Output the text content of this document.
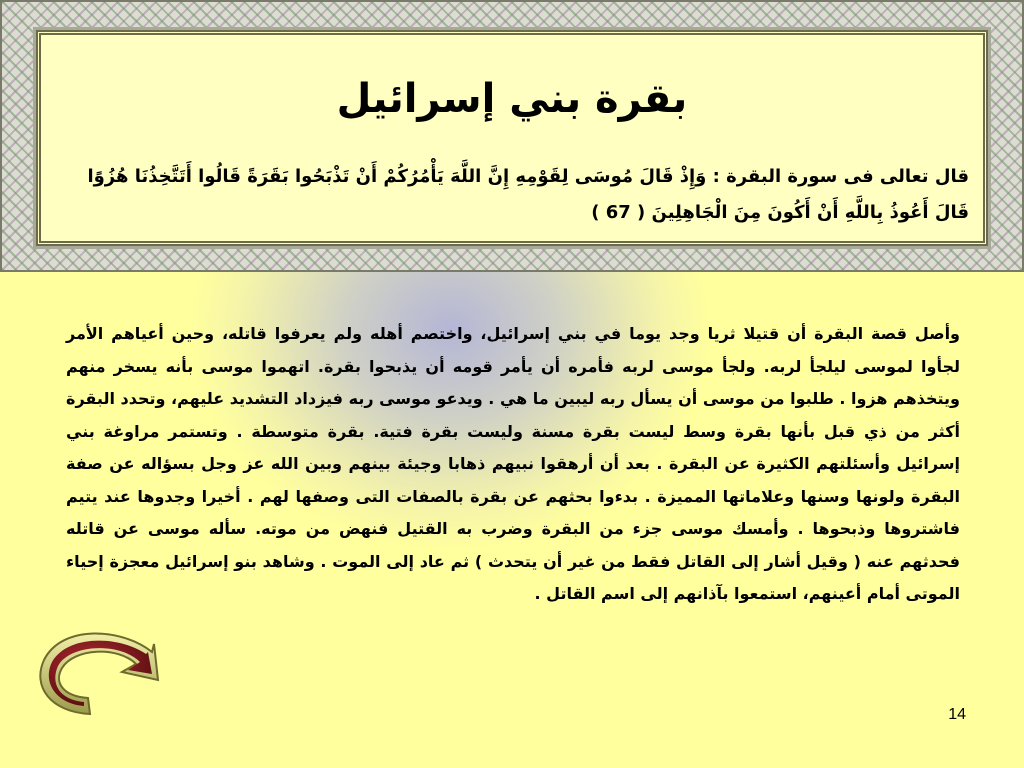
بقرة بني إسرائيل

قال تعالى فى سورة البقرة : وَإِذْ قَالَ مُوسَى لِقَوْمِهِ إِنَّ اللَّهَ يَأْمُرُكُمْ أَنْ تَذْبَحُوا بَقَرَةً قَالُوا أَتَتَّخِذُنَا هُزُوًا قَالَ أَعُوذُ بِاللَّهِ أَنْ أَكُونَ مِنَ الْجَاهِلِينَ ( 67 )

وأصل قصة البقرة أن قتيلا ثريا وجد يوما في بني إسرائيل، واختصم أهله ولم يعرفوا قاتله، وحين أعياهم الأمر لجأوا لموسى ليلجأ لربه. ولجأ موسى لربه فأمره أن يأمر قومه أن يذبحوا بقرة. اتهموا موسى بأنه يسخر منهم ويتخذهم هزوا . طلبوا من موسى أن يسأل ربه ليبين ما هي . ويدعو موسى ربه فيزداد التشديد عليهم، وتحدد البقرة أكثر من ذي قبل بأنها بقرة وسط ليست بقرة مسنة وليست بقرة فتية. بقرة متوسطة . وتستمر مراوغة بني إسرائيل وأسئلتهم الكثيرة عن البقرة . بعد أن أرهقوا نبيهم ذهابا وجيئة بينهم وبين الله عز وجل بسؤاله عن صفة البقرة ولونها وسنها وعلاماتها المميزة . بدءوا بحثهم عن بقرة بالصفات التى وصفها لهم . أخيرا وجدوها عند يتيم فاشتروها وذبحوها . وأمسك موسى جزء من البقرة وضرب به القتيل فنهض من موته. سأله موسى عن قاتله فحدثهم عنه ( وقيل أشار إلى القاتل فقط من غير أن يتحدث ) ثم عاد إلى الموت . وشاهد بنو إسرائيل معجزة إحياء الموتى أمام أعينهم، استمعوا بآذانهم إلى اسم القاتل .

14
